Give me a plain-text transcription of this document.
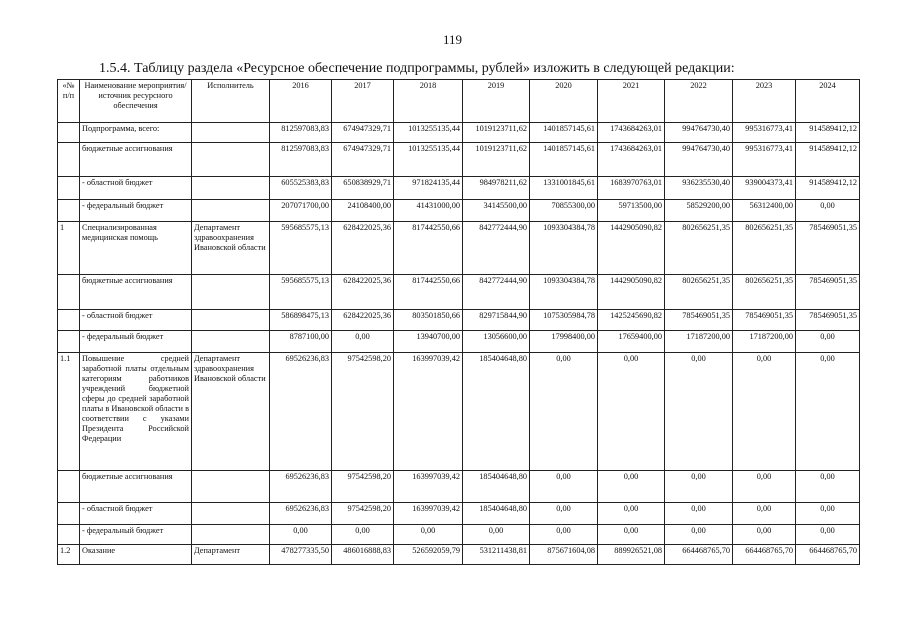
119
1.5.4. Таблицу раздела «Ресурсное обеспечение подпрограммы, рублей» изложить в следующей редакции:
«№ п/п	Наименование мероприятия/источник ресурсного обеспечения	Исполнитель	2016	2017	2018	2019	2020	2021	2022	2023	2024
	Подпрограмма, всего:		812597083,83	674947329,71	1013255135,44	1019123711,62	1401857145,61	1743684263,01	994764730,40	995316773,41	914589412,12
	бюджетные ассигнования		812597083,83	674947329,71	1013255135,44	1019123711,62	1401857145,61	1743684263,01	994764730,40	995316773,41	914589412,12
	- областной бюджет		605525383,83	650838929,71	971824135,44	984978211,62	1331001845,61	1683970763,01	936235530,40	939004373,41	914589412,12
	- федеральный бюджет		207071700,00	24108400,00	41431000,00	34145500,00	70855300,00	59713500,00	58529200,00	56312400,00	0,00
1	Специализированная медицинская помощь	Департамент здравоохранения Ивановской области	595685575,13	628422025,36	817442550,66	842772444,90	1093304384,78	1442905090,82	802656251,35	802656251,35	785469051,35
	бюджетные ассигнования		595685575,13	628422025,36	817442550,66	842772444,90	1093304384,78	1442905090,82	802656251,35	802656251,35	785469051,35
	- областной бюджет		586898475,13	628422025,36	803501850,66	829715844,90	1075305984,78	1425245690,82	785469051,35	785469051,35	785469051,35
	- федеральный бюджет		8787100,00	0,00	13940700,00	13056600,00	17998400,00	17659400,00	17187200,00	17187200,00	0,00
1.1	Повышение средней заработной платы отдельным категориям работников учреждений бюджетной сферы до средней заработной платы в Ивановской области в соответствии с указами Президента Российской Федерации	Департамент здравоохранения Ивановской области	69526236,83	97542598,20	163997039,42	185404648,80	0,00	0,00	0,00	0,00	0,00
	бюджетные ассигнования		69526236,83	97542598,20	163997039,42	185404648,80	0,00	0,00	0,00	0,00	0,00
	- областной бюджет		69526236,83	97542598,20	163997039,42	185404648,80	0,00	0,00	0,00	0,00	0,00
	- федеральный бюджет		0,00	0,00	0,00	0,00	0,00	0,00	0,00	0,00	0,00
1.2	Оказание	Департамент	478277335,50	486016888,83	526592059,79	531211438,81	875671604,08	889926521,08	664468765,70	664468765,70	664468765,70
